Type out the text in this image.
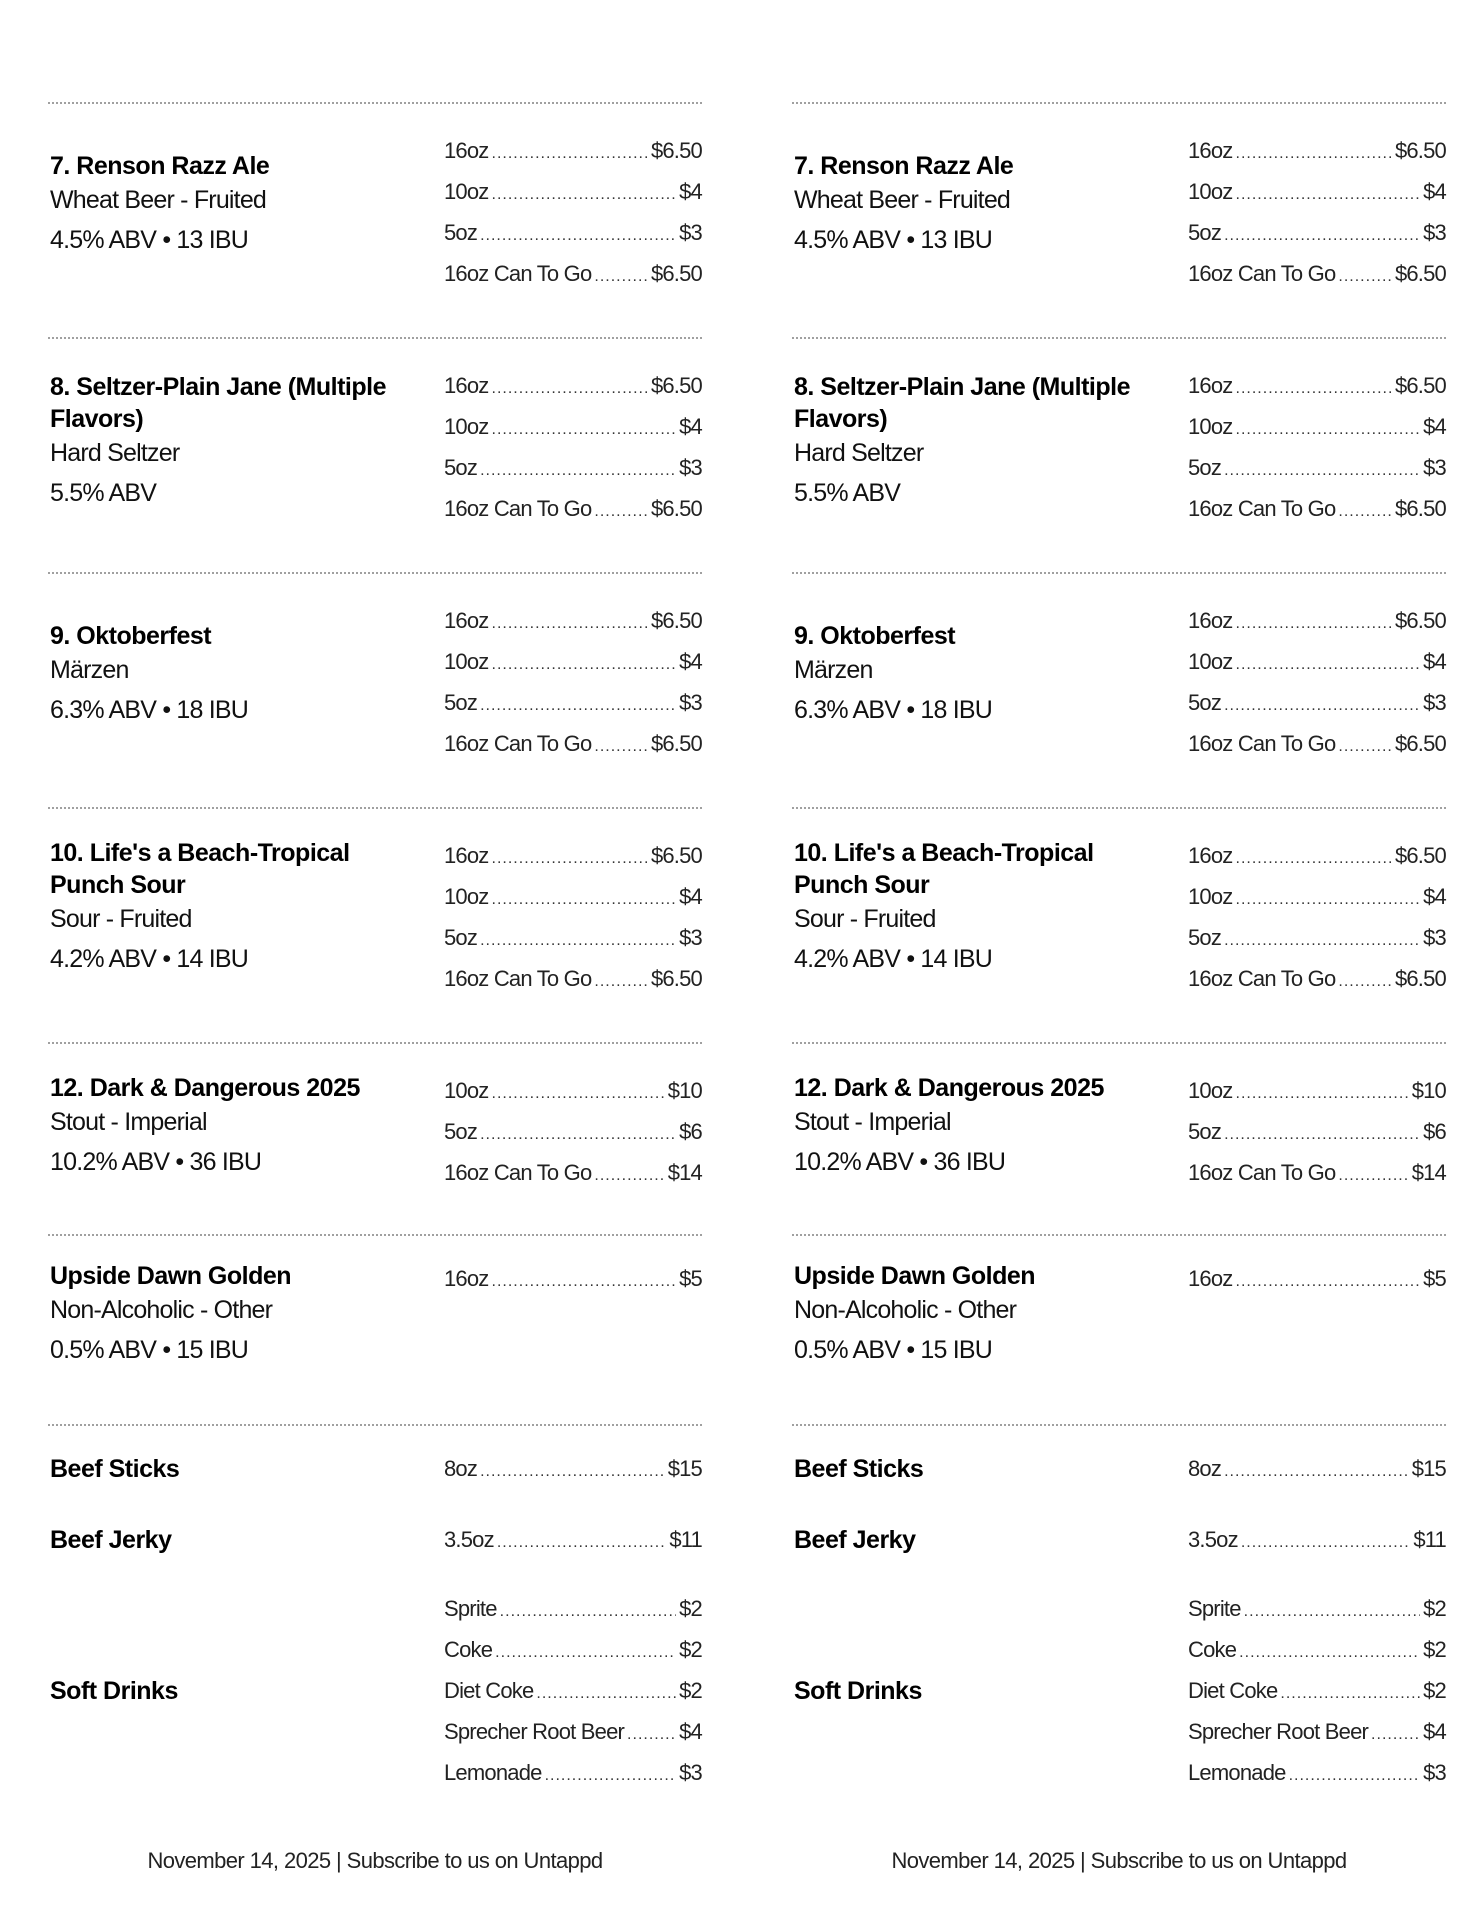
7. Renson Razz Ale
Wheat Beer - Fruited
4.5% ABV • 13 IBU
16oz .....	$6.50
10oz .....	$4
5oz .....	$3
16oz Can To Go .....	$6.50
8. Seltzer-Plain Jane (Multiple Flavors)
Hard Seltzer
5.5% ABV
16oz .....	$6.50
10oz .....	$4
5oz .....	$3
16oz Can To Go .....	$6.50
9. Oktoberfest
Märzen
6.3% ABV • 18 IBU
16oz .....	$6.50
10oz .....	$4
5oz .....	$3
16oz Can To Go .....	$6.50
10. Life's a Beach-Tropical Punch Sour
Sour - Fruited
4.2% ABV • 14 IBU
16oz .....	$6.50
10oz .....	$4
5oz .....	$3
16oz Can To Go .....	$6.50
12. Dark & Dangerous 2025
Stout - Imperial
10.2% ABV • 36 IBU
10oz .....	$10
5oz .....	$6
16oz Can To Go .....	$14
Upside Dawn Golden
Non-Alcoholic - Other
0.5% ABV • 15 IBU
16oz .....	$5
Beef Sticks	8oz .....	$15
Beef Jerky	3.5oz .....	$11
Soft Drinks
Sprite .....	$2
Coke .....	$2
Diet Coke .....	$2
Sprecher Root Beer .....	$4
Lemonade .....	$3
7. Renson Razz Ale
Wheat Beer - Fruited
4.5% ABV • 13 IBU
16oz .....	$6.50
10oz .....	$4
5oz .....	$3
16oz Can To Go .....	$6.50
8. Seltzer-Plain Jane (Multiple Flavors)
Hard Seltzer
5.5% ABV
16oz .....	$6.50
10oz .....	$4
5oz .....	$3
16oz Can To Go .....	$6.50
9. Oktoberfest
Märzen
6.3% ABV • 18 IBU
16oz .....	$6.50
10oz .....	$4
5oz .....	$3
16oz Can To Go .....	$6.50
10. Life's a Beach-Tropical Punch Sour
Sour - Fruited
4.2% ABV • 14 IBU
16oz .....	$6.50
10oz .....	$4
5oz .....	$3
16oz Can To Go .....	$6.50
12. Dark & Dangerous 2025
Stout - Imperial
10.2% ABV • 36 IBU
10oz .....	$10
5oz .....	$6
16oz Can To Go .....	$14
Upside Dawn Golden
Non-Alcoholic - Other
0.5% ABV • 15 IBU
16oz .....	$5
Beef Sticks	8oz .....	$15
Beef Jerky	3.5oz .....	$11
Soft Drinks
Sprite .....	$2
Coke .....	$2
Diet Coke .....	$2
Sprecher Root Beer .....	$4
Lemonade .....	$3
November 14, 2025 | Subscribe to us on Untappd	November 14, 2025 | Subscribe to us on Untappd
